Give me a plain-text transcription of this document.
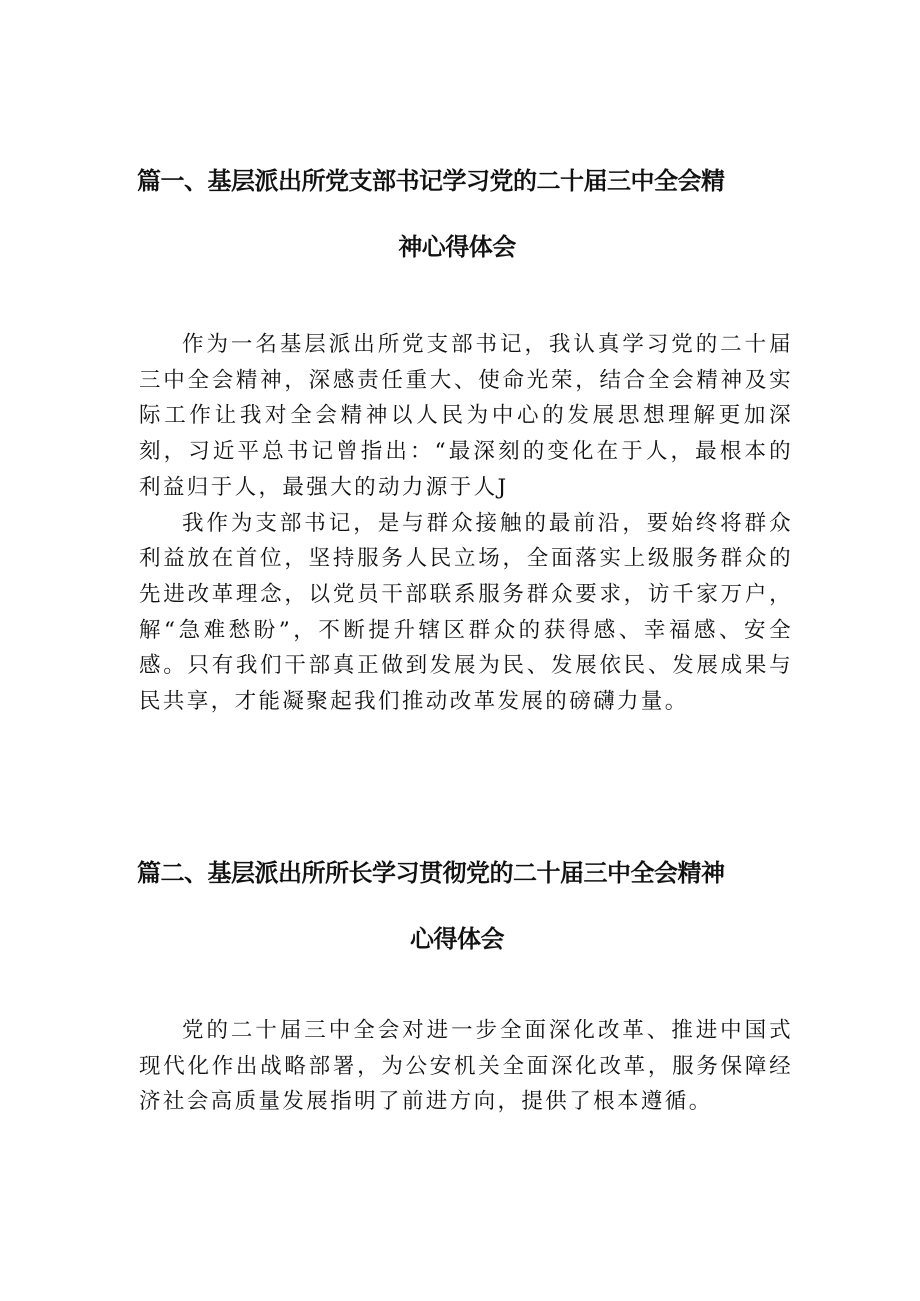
篇一、基层派出所党支部书记学习党的二十届三中全会精
神心得体会

作为一名基层派出所党支部书记，我认真学习党的二十届三中全会精神，深感责任重大、使命光荣，结合全会精神及实际工作让我对全会精神以人民为中心的发展思想理解更加深刻，习近平总书记曾指出：“最深刻的变化在于人，最根本的利益归于人，最强大的动力源于人J

我作为支部书记，是与群众接触的最前沿，要始终将群众利益放在首位，坚持服务人民立场，全面落实上级服务群众的先进改革理念，以党员干部联系服务群众要求，访千家万户，解“急难愁盼”，不断提升辖区群众的获得感、幸福感、安全感。只有我们干部真正做到发展为民、发展依民、发展成果与民共享，才能凝聚起我们推动改革发展的磅礴力量。

篇二、基层派出所所长学习贯彻党的二十届三中全会精神
心得体会

党的二十届三中全会对进一步全面深化改革、推进中国式现代化作出战略部署，为公安机关全面深化改革，服务保障经济社会高质量发展指明了前进方向，提供了根本遵循。
